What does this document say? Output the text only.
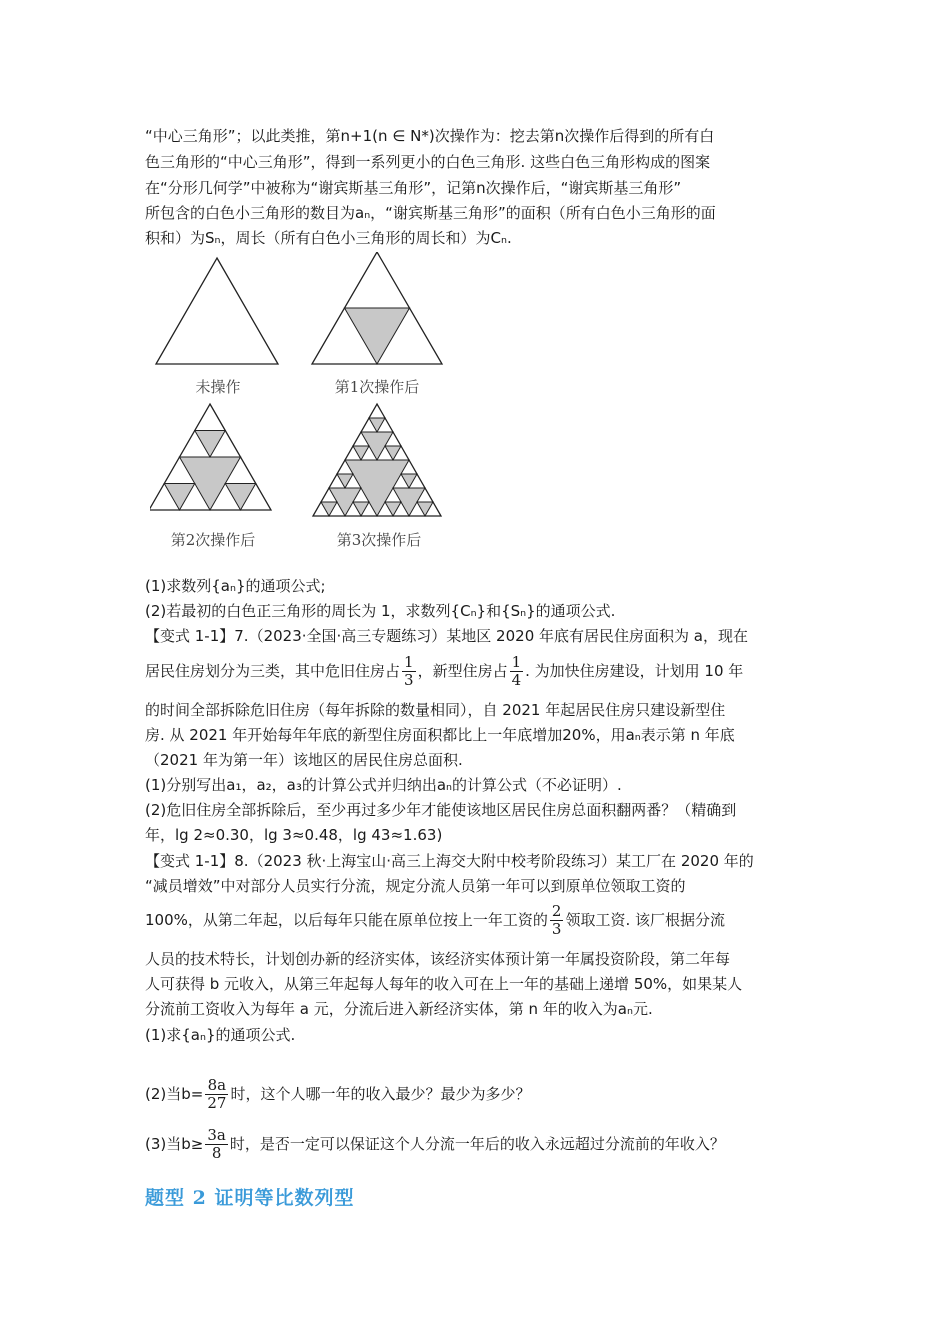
“中心三角形”；以此类推，第n+1(n ∈ N*)次操作为：挖去第n次操作后得到的所有白
色三角形的“中心三角形”，得到一系列更小的白色三角形. 这些白色三角形构成的图案
在“分形几何学”中被称为“谢宾斯基三角形”，记第n次操作后，“谢宾斯基三角形”
所包含的白色小三角形的数目为aₙ，“谢宾斯基三角形”的面积（所有白色小三角形的面
积和）为Sₙ，周长（所有白色小三角形的周长和）为Cₙ.
未操作	第1次操作后
第2次操作后	第3次操作后
(1)求数列{aₙ}的通项公式;
(2)若最初的白色正三角形的周长为 1，求数列{Cₙ}和{Sₙ}的通项公式.
【变式 1-1】7.（2023·全国·高三专题练习）某地区 2020 年底有居民住房面积为 a，现在
居民住房划分为三类，其中危旧住房占 $\frac{1}{3}$ ，新型住房占 $\frac{1}{4}$ . 为加快住房建设，计划用 10 年
的时间全部拆除危旧住房（每年拆除的数量相同），自 2021 年起居民住房只建设新型住
房. 从 2021 年开始每年年底的新型住房面积都比上一年底增加20%，用aₙ表示第 n 年底
（2021 年为第一年）该地区的居民住房总面积.
(1)分别写出a₁，a₂，a₃的计算公式并归纳出aₙ的计算公式（不必证明）.
(2)危旧住房全部拆除后，至少再过多少年才能使该地区居民住房总面积翻两番？（精确到
年，lg 2≈0.30，lg 3≈0.48，lg 43≈1.63)
【变式 1-1】8.（2023 秋·上海宝山·高三上海交大附中校考阶段练习）某工厂在 2020 年的
“减员增效”中对部分人员实行分流，规定分流人员第一年可以到原单位领取工资的
100%，从第二年起，以后每年只能在原单位按上一年工资的 $\frac{2}{3}$ 领取工资. 该厂根据分流
人员的技术特长，计划创办新的经济实体，该经济实体预计第一年属投资阶段，第二年每
人可获得 b 元收入，从第三年起每人每年的收入可在上一年的基础上递增 50%，如果某人
分流前工资收入为每年 a 元，分流后进入新经济实体，第 n 年的收入为aₙ元.
(1)求{aₙ}的通项公式.
(2)当$b= \frac{8a}{27}$ 时，这个人哪一年的收入最少？最少为多少？
(3)当$b\ge \frac{3a}{8}$ 时，是否一定可以保证这个人分流一年后的收入永远超过分流前的年收入？
题型 2 证明等比数列型
